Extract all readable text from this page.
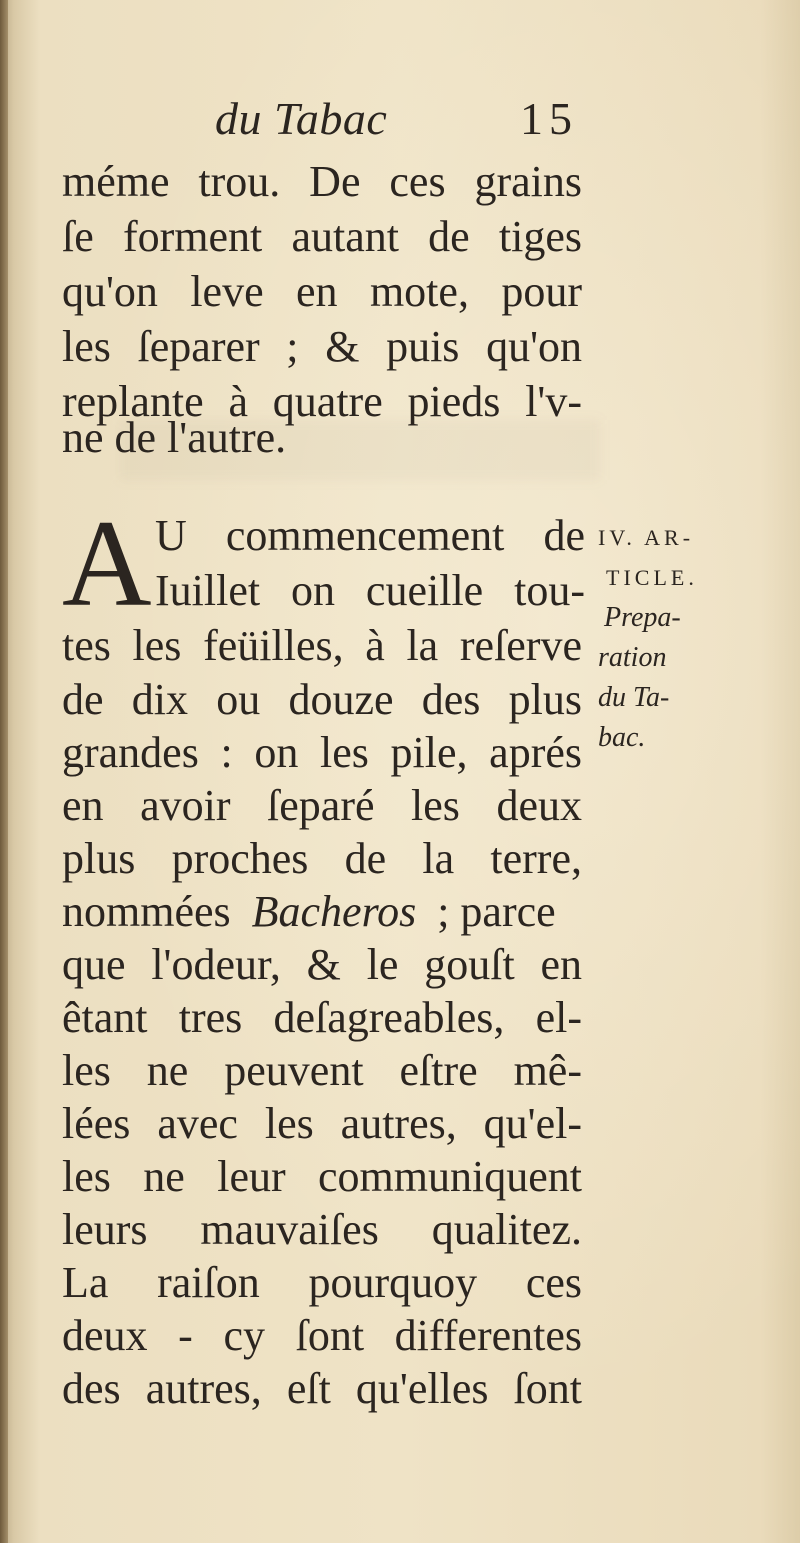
du Tabac	15
méme trou. De ces grains
ſe forment autant de tiges
qu'on leve en mote, pour
les ſeparer ; & puis qu'on
replante à quatre pieds l'v-
ne de l'autre.
A U commencement de
Iuillet on cueille tou-
tes les feüilles, à la reſerve
de dix ou douze des plus
grandes : on les pile, aprés
en avoir ſeparé les deux
plus proches de la terre,
nommées Bacheros ; parce
que l'odeur, & le gouſt en
êtant tres deſagreables, el-
les ne peuvent eſtre mê-
lées avec les autres, qu'el-
les ne leur communiquent
leurs mauvaiſes qualitez.
La raiſon pourquoy ces
deux - cy ſont differentes
des autres, eſt qu'elles ſont
IV. AR-
TICLE.
Prepa-
ration
du Ta-
bac.
